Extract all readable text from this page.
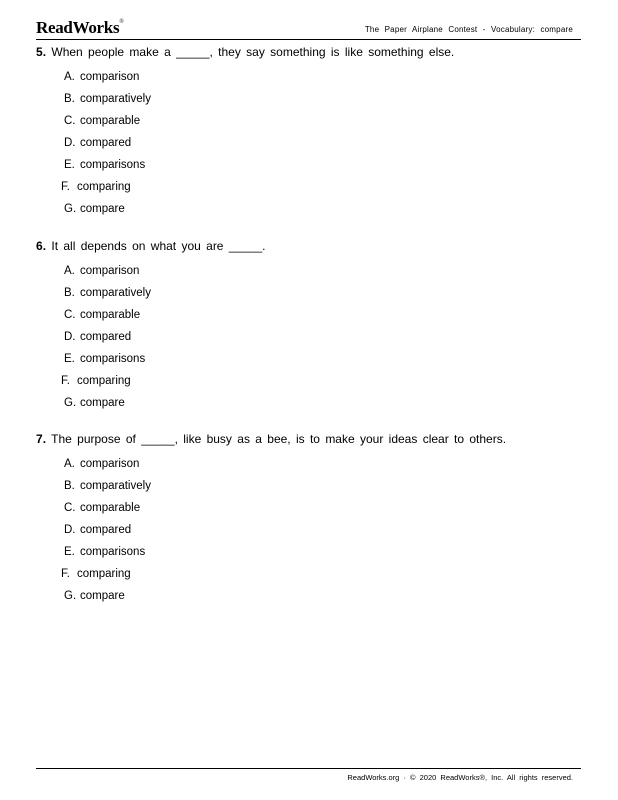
ReadWorks®
The Paper Airplane Contest - Vocabulary: compare
5. When people make a _____, they say something is like something else.
A. comparison
B. comparatively
C. comparable
D. compared
E. comparisons
F. comparing
G. compare
6. It all depends on what you are _____.
A. comparison
B. comparatively
C. comparable
D. compared
E. comparisons
F. comparing
G. compare
7. The purpose of _____, like busy as a bee, is to make your ideas clear to others.
A. comparison
B. comparatively
C. comparable
D. compared
E. comparisons
F. comparing
G. compare
ReadWorks.org · © 2020 ReadWorks®, Inc. All rights reserved.
